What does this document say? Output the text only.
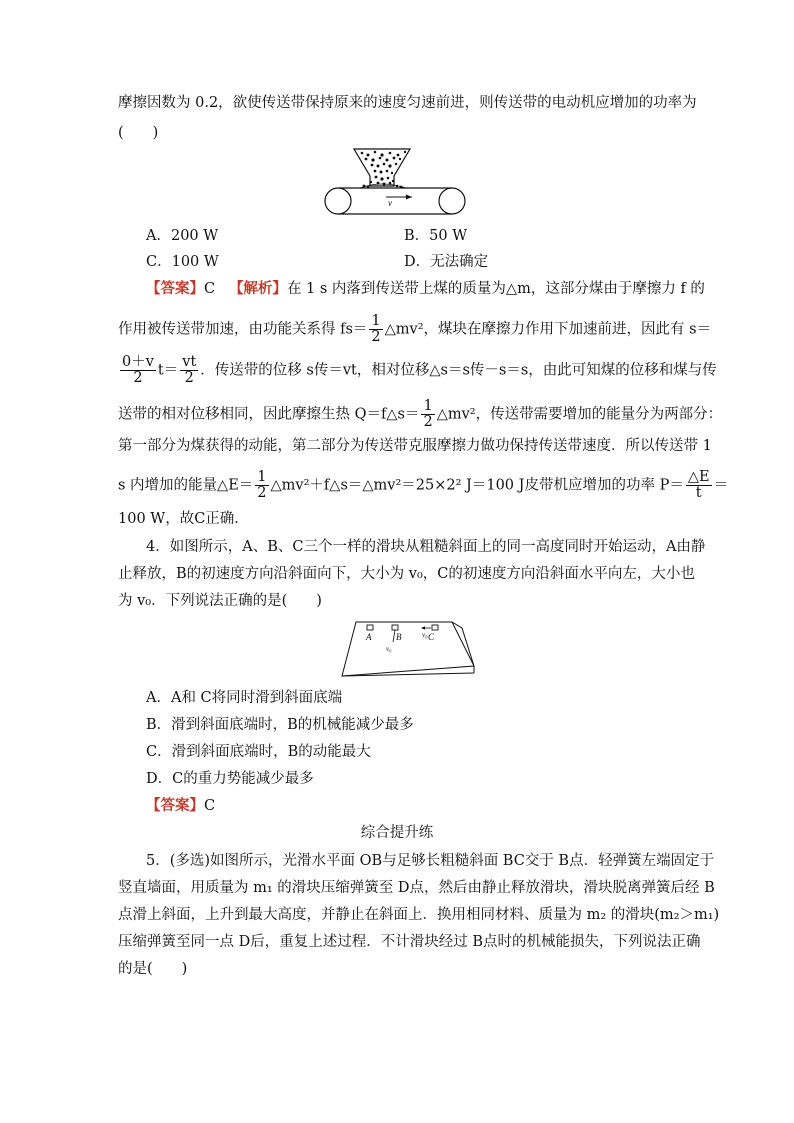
摩擦因数为 0.2，欲使传送带保持原来的速度匀速前进，则传送带的电动机应增加的功率为
(　　)
v
A．200 W	B．50 W
C．100 W	D．无法确定
【答案】C 【解析】在 1 s 内落到传送带上煤的质量为△m，这部分煤由于摩擦力 f 的
作用被传送带加速，由功能关系得 $fs= \frac{1}{2}$ △mv²，煤块在摩擦力作用下加速前进，因此有 s＝
$\frac{0+v}{2} t= \frac{vt}{2}$ ．传送带的位移 s传＝vt，相对位移△s＝s传－s＝s，由此可知煤的位移和煤与传
送带的相对位移相同，因此摩擦生热 Q＝f△s＝ $\frac{1}{2}$ △mv²，传送带需要增加的能量分为两部分：
第一部分为煤获得的动能，第二部分为传送带克服摩擦力做功保持传送带速度．所以传送带 1
s 内增加的能量△E＝ $\frac{1}{2}$ △mv²＋f△s＝△mv²＝25×2² J＝100 J皮带机应增加的功率 $P= \frac{\triangle E}{t}$ ＝
100 W，故C正确．
4．如图所示，A、B、C三个一样的滑块从粗糙斜面上的同一高度同时开始运动，A由静
止释放，B的初速度方向沿斜面向下，大小为 v₀，C的初速度方向沿斜面水平向左，大小也
为 v₀．下列说法正确的是(　　)
A	B	C
v₀
v₀
A．A和 C将同时滑到斜面底端
B．滑到斜面底端时，B的机械能减少最多
C．滑到斜面底端时，B的动能最大
D．C的重力势能减少最多
【答案】C
综合提升练
5．(多选)如图所示，光滑水平面 OB与足够长粗糙斜面 BC交于 B点．轻弹簧左端固定于
竖直墙面，用质量为 m₁ 的滑块压缩弹簧至 D点，然后由静止释放滑块，滑块脱离弹簧后经 B
点滑上斜面，上升到最大高度，并静止在斜面上．换用相同材料、质量为 m₂ 的滑块(m₂＞m₁)
压缩弹簧至同一点 D后，重复上述过程．不计滑块经过 B点时的机械能损失，下列说法正确
的是(　　)
